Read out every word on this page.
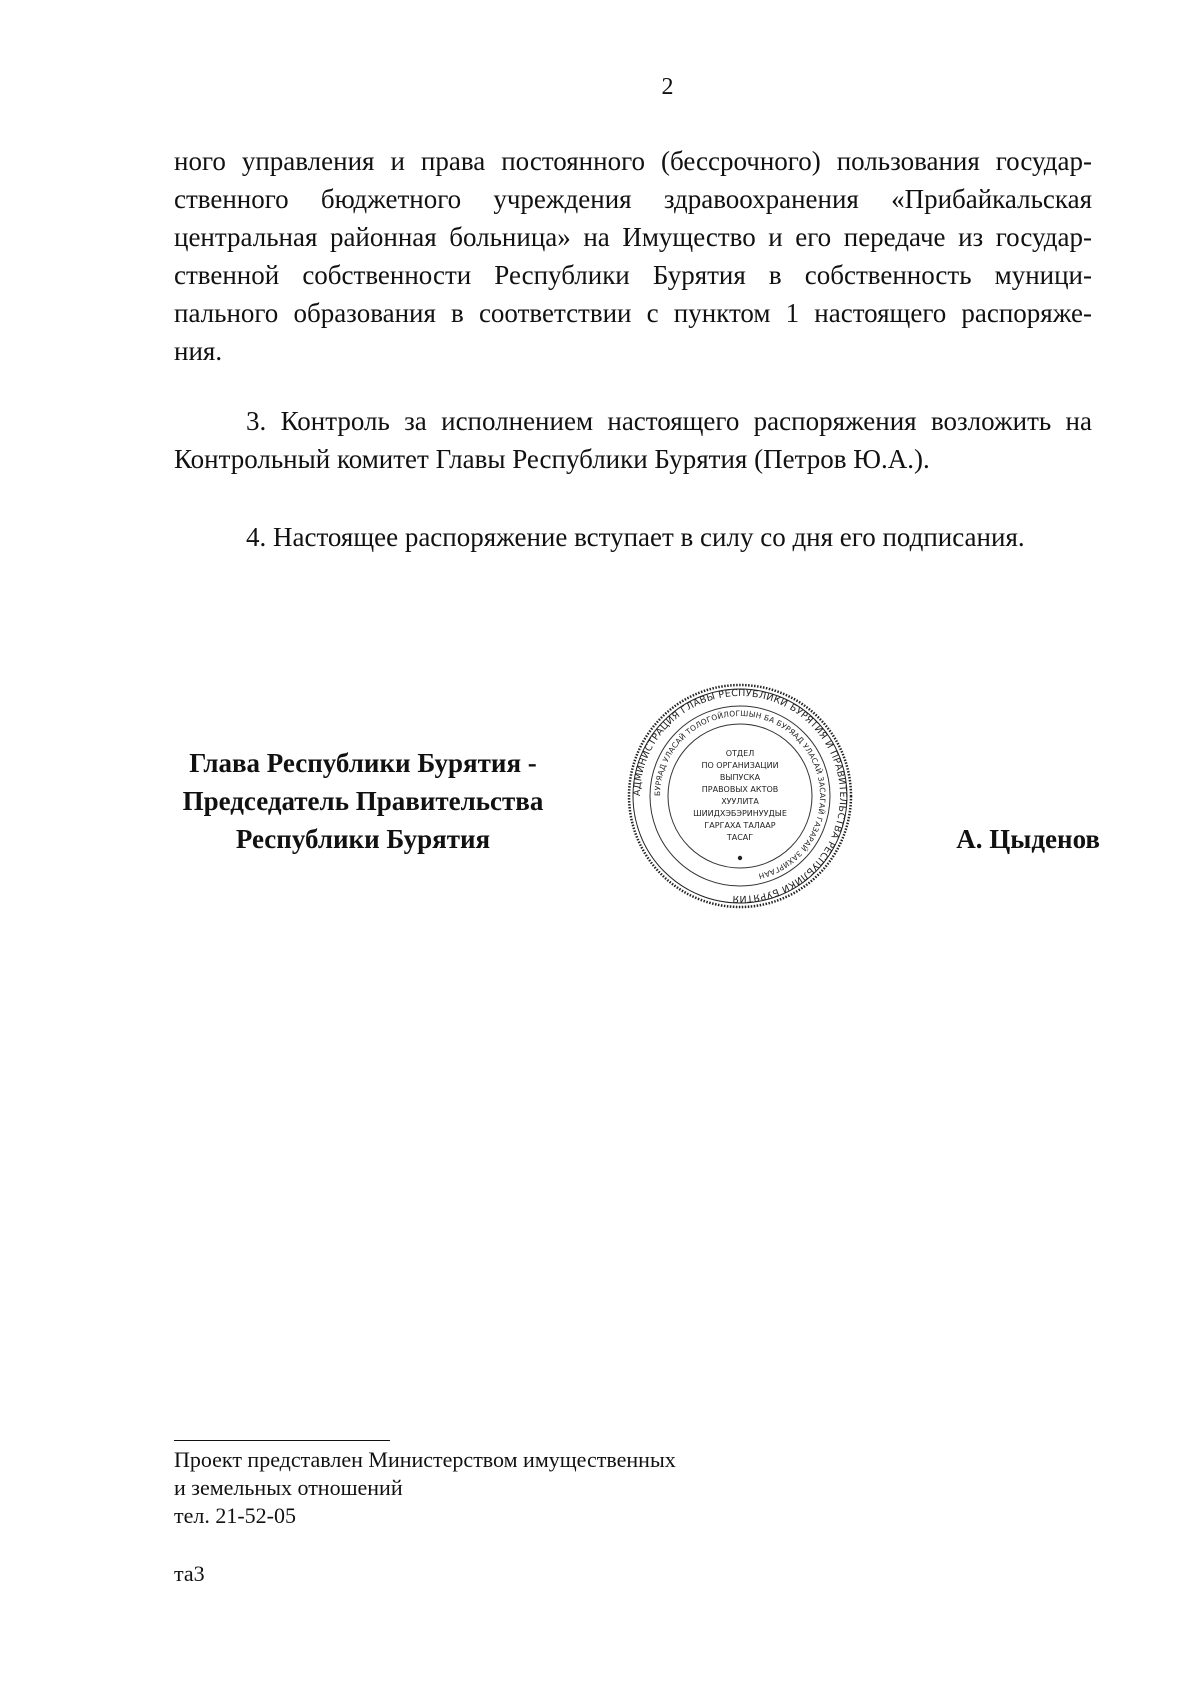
2
ного управления и права постоянного (бессрочного) пользования государ-
ственного бюджетного учреждения здравоохранения «Прибайкальская
центральная районная больница» на Имущество и его передаче из государ-
ственной собственности Республики Бурятия в собственность муници-
пального образования в соответствии с пунктом 1 настоящего распоряже-
ния.
3. Контроль за исполнением настоящего распоряжения возложить на
Контрольный комитет Главы Республики Бурятия (Петров Ю.А.).
4. Настоящее распоряжение вступает в силу со дня его подписания.
Глава Республики Бурятия -
Председатель Правительства
Республики Бурятия
АДМИНИСТРАЦИЯ ГЛАВЫ РЕСПУБЛИКИ БУРЯТИЯ И ПРАВИТЕЛЬСТВА РЕСПУБЛИКИ БУРЯТИЯ
БУРЯАД УЛАСАЙ ТОЛОГОЙЛОГШЫН БА БУРЯАД УЛАСАЙ ЗАСАГАЙ ГАЗАРАЙ ЗАХИРГААН
ОТДЕЛ
ПО ОРГАНИЗАЦИИ
ВЫПУСКА
ПРАВОВЫХ АКТОВ
ХУУЛИТА
ШИИДХЭБЭРИНУУДЫЕ
ГАРГАХА ТАЛААР
ТАСАГ	А. Цыденов
Проект представлен Министерством имущественных
и земельных отношений
тел. 21-52-05
та3
